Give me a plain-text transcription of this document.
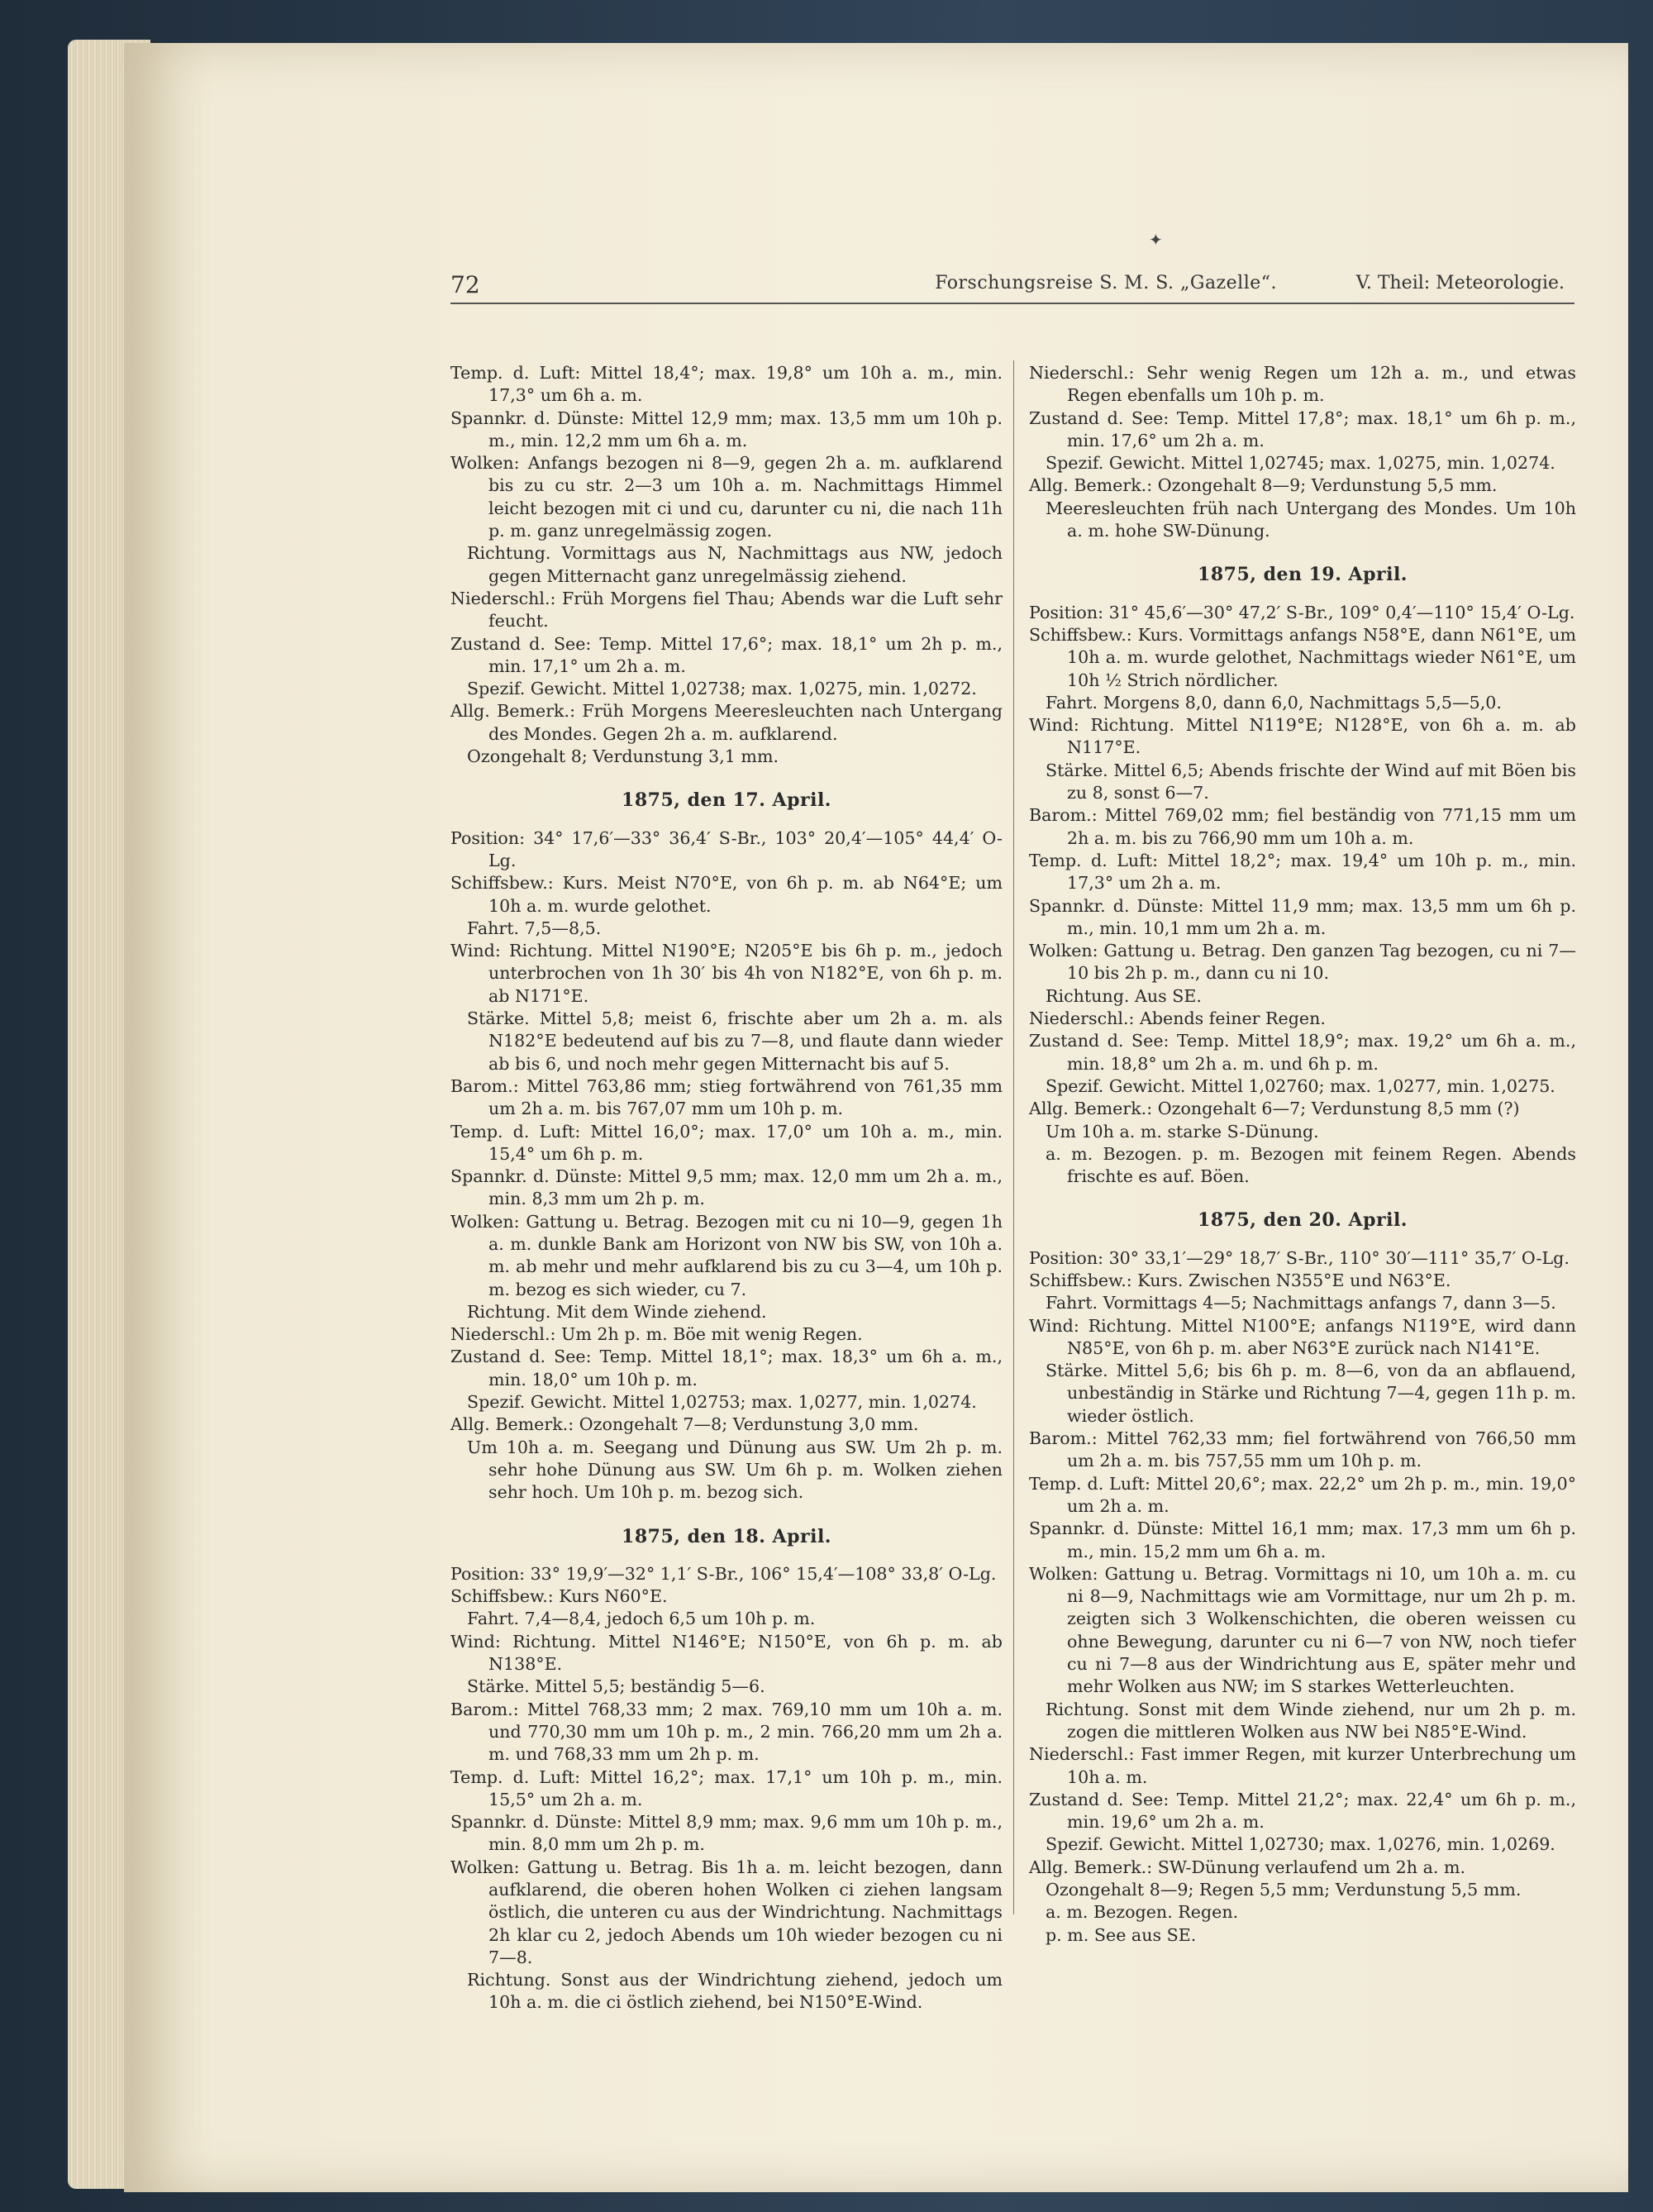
✦
72	Forschungsreise S. M. S. „Gazelle“.	V. Theil: Meteorologie.

Temp. d. Luft: Mittel 18,4°; max. 19,8° um 10h a. m., min. 17,3° um 6h a. m.

Spannkr. d. Dünste: Mittel 12,9 mm; max. 13,5 mm um 10h p. m., min. 12,2 mm um 6h a. m.

Wolken: Anfangs bezogen ni 8—9, gegen 2h a. m. aufklarend bis zu cu str. 2—3 um 10h a. m. Nachmittags Himmel leicht bezogen mit ci und cu, darunter cu ni, die nach 11h p. m. ganz unregelmässig zogen.

Richtung. Vormittags aus N, Nachmittags aus NW, jedoch gegen Mitternacht ganz unregelmässig ziehend.

Niederschl.: Früh Morgens fiel Thau; Abends war die Luft sehr feucht.

Zustand d. See: Temp. Mittel 17,6°; max. 18,1° um 2h p. m., min. 17,1° um 2h a. m.

Spezif. Gewicht. Mittel 1,02738; max. 1,0275, min. 1,0272.

Allg. Bemerk.: Früh Morgens Meeresleuchten nach Untergang des Mondes. Gegen 2h a. m. aufklarend.

Ozongehalt 8; Verdunstung 3,1 mm.

1875, den 17. April.

Position: 34° 17,6′—33° 36,4′ S-Br., 103° 20,4′—105° 44,4′ O-Lg.

Schiffsbew.: Kurs. Meist N70°E, von 6h p. m. ab N64°E; um 10h a. m. wurde gelothet.

Fahrt. 7,5—8,5.

Wind: Richtung. Mittel N190°E; N205°E bis 6h p. m., jedoch unterbrochen von 1h 30′ bis 4h von N182°E, von 6h p. m. ab N171°E.

Stärke. Mittel 5,8; meist 6, frischte aber um 2h a. m. als N182°E bedeutend auf bis zu 7—8, und flaute dann wieder ab bis 6, und noch mehr gegen Mitternacht bis auf 5.

Barom.: Mittel 763,86 mm; stieg fortwährend von 761,35 mm um 2h a. m. bis 767,07 mm um 10h p. m.

Temp. d. Luft: Mittel 16,0°; max. 17,0° um 10h a. m., min. 15,4° um 6h p. m.

Spannkr. d. Dünste: Mittel 9,5 mm; max. 12,0 mm um 2h a. m., min. 8,3 mm um 2h p. m.

Wolken: Gattung u. Betrag. Bezogen mit cu ni 10—9, gegen 1h a. m. dunkle Bank am Horizont von NW bis SW, von 10h a. m. ab mehr und mehr aufklarend bis zu cu 3—4, um 10h p. m. bezog es sich wieder, cu 7.

Richtung. Mit dem Winde ziehend.

Niederschl.: Um 2h p. m. Böe mit wenig Regen.

Zustand d. See: Temp. Mittel 18,1°; max. 18,3° um 6h a. m., min. 18,0° um 10h p. m.

Spezif. Gewicht. Mittel 1,02753; max. 1,0277, min. 1,0274.

Allg. Bemerk.: Ozongehalt 7—8; Verdunstung 3,0 mm.

Um 10h a. m. Seegang und Dünung aus SW. Um 2h p. m. sehr hohe Dünung aus SW. Um 6h p. m. Wolken ziehen sehr hoch. Um 10h p. m. bezog sich.

1875, den 18. April.

Position: 33° 19,9′—32° 1,1′ S-Br., 106° 15,4′—108° 33,8′ O-Lg.

Schiffsbew.: Kurs N60°E.

Fahrt. 7,4—8,4, jedoch 6,5 um 10h p. m.

Wind: Richtung. Mittel N146°E; N150°E, von 6h p. m. ab N138°E.

Stärke. Mittel 5,5; beständig 5—6.

Barom.: Mittel 768,33 mm; 2 max. 769,10 mm um 10h a. m. und 770,30 mm um 10h p. m., 2 min. 766,20 mm um 2h a. m. und 768,33 mm um 2h p. m.

Temp. d. Luft: Mittel 16,2°; max. 17,1° um 10h p. m., min. 15,5° um 2h a. m.

Spannkr. d. Dünste: Mittel 8,9 mm; max. 9,6 mm um 10h p. m., min. 8,0 mm um 2h p. m.

Wolken: Gattung u. Betrag. Bis 1h a. m. leicht bezogen, dann aufklarend, die oberen hohen Wolken ci ziehen langsam östlich, die unteren cu aus der Windrichtung. Nachmittags 2h klar cu 2, jedoch Abends um 10h wieder bezogen cu ni 7—8.

Richtung. Sonst aus der Windrichtung ziehend, jedoch um 10h a. m. die ci östlich ziehend, bei N150°E-Wind.

Niederschl.: Sehr wenig Regen um 12h a. m., und etwas Regen ebenfalls um 10h p. m.

Zustand d. See: Temp. Mittel 17,8°; max. 18,1° um 6h p. m., min. 17,6° um 2h a. m.

Spezif. Gewicht. Mittel 1,02745; max. 1,0275, min. 1,0274.

Allg. Bemerk.: Ozongehalt 8—9; Verdunstung 5,5 mm.

Meeresleuchten früh nach Untergang des Mondes. Um 10h a. m. hohe SW-Dünung.

1875, den 19. April.

Position: 31° 45,6′—30° 47,2′ S-Br., 109° 0,4′—110° 15,4′ O-Lg.

Schiffsbew.: Kurs. Vormittags anfangs N58°E, dann N61°E, um 10h a. m. wurde gelothet, Nachmittags wieder N61°E, um 10h ½ Strich nördlicher.

Fahrt. Morgens 8,0, dann 6,0, Nachmittags 5,5—5,0.

Wind: Richtung. Mittel N119°E; N128°E, von 6h a. m. ab N117°E.

Stärke. Mittel 6,5; Abends frischte der Wind auf mit Böen bis zu 8, sonst 6—7.

Barom.: Mittel 769,02 mm; fiel beständig von 771,15 mm um 2h a. m. bis zu 766,90 mm um 10h a. m.

Temp. d. Luft: Mittel 18,2°; max. 19,4° um 10h p. m., min. 17,3° um 2h a. m.

Spannkr. d. Dünste: Mittel 11,9 mm; max. 13,5 mm um 6h p. m., min. 10,1 mm um 2h a. m.

Wolken: Gattung u. Betrag. Den ganzen Tag bezogen, cu ni 7—10 bis 2h p. m., dann cu ni 10.

Richtung. Aus SE.

Niederschl.: Abends feiner Regen.

Zustand d. See: Temp. Mittel 18,9°; max. 19,2° um 6h a. m., min. 18,8° um 2h a. m. und 6h p. m.

Spezif. Gewicht. Mittel 1,02760; max. 1,0277, min. 1,0275.

Allg. Bemerk.: Ozongehalt 6—7; Verdunstung 8,5 mm (?)

Um 10h a. m. starke S-Dünung.

a. m. Bezogen. p. m. Bezogen mit feinem Regen. Abends frischte es auf. Böen.

1875, den 20. April.

Position: 30° 33,1′—29° 18,7′ S-Br., 110° 30′—111° 35,7′ O-Lg.

Schiffsbew.: Kurs. Zwischen N355°E und N63°E.

Fahrt. Vormittags 4—5; Nachmittags anfangs 7, dann 3—5.

Wind: Richtung. Mittel N100°E; anfangs N119°E, wird dann N85°E, von 6h p. m. aber N63°E zurück nach N141°E.

Stärke. Mittel 5,6; bis 6h p. m. 8—6, von da an abflauend, unbeständig in Stärke und Richtung 7—4, gegen 11h p. m. wieder östlich.

Barom.: Mittel 762,33 mm; fiel fortwährend von 766,50 mm um 2h a. m. bis 757,55 mm um 10h p. m.

Temp. d. Luft: Mittel 20,6°; max. 22,2° um 2h p. m., min. 19,0° um 2h a. m.

Spannkr. d. Dünste: Mittel 16,1 mm; max. 17,3 mm um 6h p. m., min. 15,2 mm um 6h a. m.

Wolken: Gattung u. Betrag. Vormittags ni 10, um 10h a. m. cu ni 8—9, Nachmittags wie am Vormittage, nur um 2h p. m. zeigten sich 3 Wolkenschichten, die oberen weissen cu ohne Bewegung, darunter cu ni 6—7 von NW, noch tiefer cu ni 7—8 aus der Windrichtung aus E, später mehr und mehr Wolken aus NW; im S starkes Wetterleuchten.

Richtung. Sonst mit dem Winde ziehend, nur um 2h p. m. zogen die mittleren Wolken aus NW bei N85°E-Wind.

Niederschl.: Fast immer Regen, mit kurzer Unterbrechung um 10h a. m.

Zustand d. See: Temp. Mittel 21,2°; max. 22,4° um 6h p. m., min. 19,6° um 2h a. m.

Spezif. Gewicht. Mittel 1,02730; max. 1,0276, min. 1,0269.

Allg. Bemerk.: SW-Dünung verlaufend um 2h a. m.

Ozongehalt 8—9; Regen 5,5 mm; Verdunstung 5,5 mm.

a. m. Bezogen. Regen.

p. m. See aus SE.
